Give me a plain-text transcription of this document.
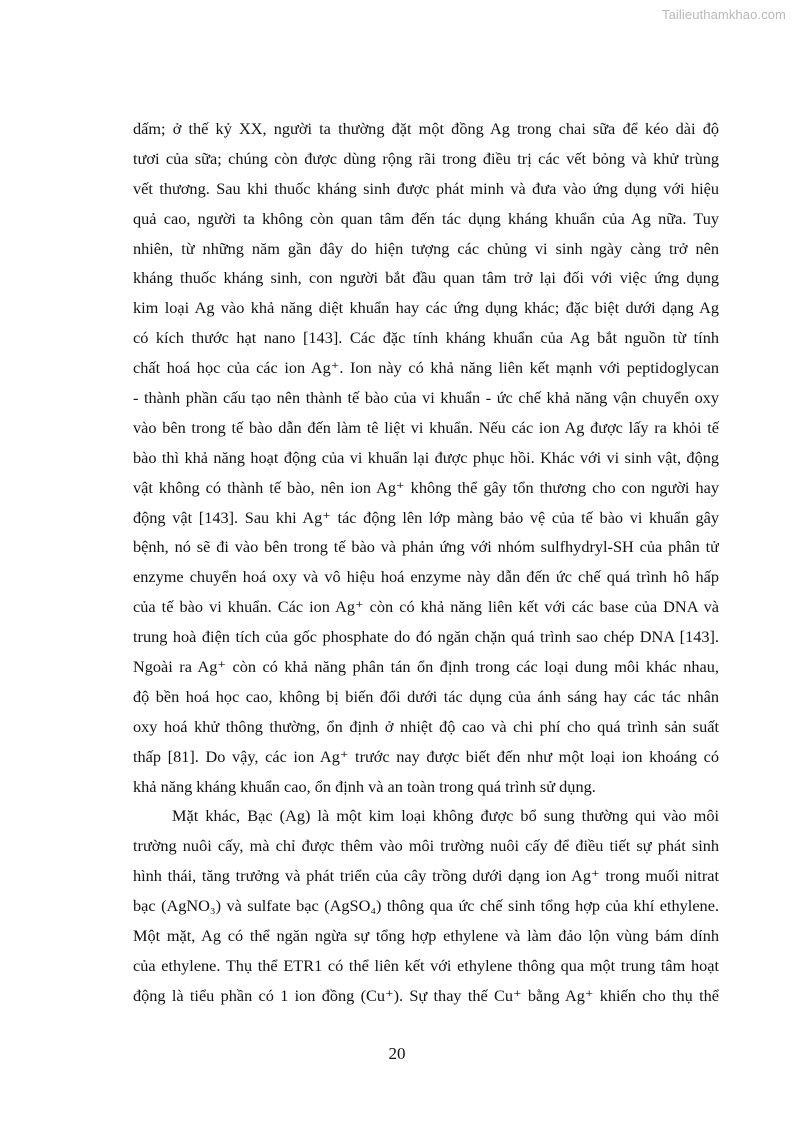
Tailieuthamkhao.com
dấm; ở thế kỷ XX, người ta thường đặt một đồng Ag trong chai sữa để kéo dài độ
tươi của sữa; chúng còn được dùng rộng rãi trong điều trị các vết bỏng và khử trùng
vết thương. Sau khi thuốc kháng sinh được phát minh và đưa vào ứng dụng với hiệu
quả cao, người ta không còn quan tâm đến tác dụng kháng khuẩn của Ag nữa. Tuy
nhiên, từ những năm gần đây do hiện tượng các chủng vi sinh ngày càng trở nên
kháng thuốc kháng sinh, con người bắt đầu quan tâm trở lại đối với việc ứng dụng
kim loại Ag vào khả năng diệt khuẩn hay các ứng dụng khác; đặc biệt dưới dạng Ag
có kích thước hạt nano [143]. Các đặc tính kháng khuẩn của Ag bắt nguồn từ tính
chất hoá học của các ion Ag⁺. Ion này có khả năng liên kết mạnh với peptidoglycan
- thành phần cấu tạo nên thành tế bào của vi khuẩn - ức chế khả năng vận chuyển oxy
vào bên trong tế bào dẫn đến làm tê liệt vi khuẩn. Nếu các ion Ag được lấy ra khỏi tế
bào thì khả năng hoạt động của vi khuẩn lại được phục hồi. Khác với vi sinh vật, động
vật không có thành tế bào, nên ion Ag⁺ không thể gây tổn thương cho con người hay
động vật [143]. Sau khi Ag⁺ tác động lên lớp màng bảo vệ của tế bào vi khuẩn gây
bệnh, nó sẽ đi vào bên trong tế bào và phản ứng với nhóm sulfhydryl-SH của phân tử
enzyme chuyển hoá oxy và vô hiệu hoá enzyme này dẫn đến ức chế quá trình hô hấp
của tế bào vi khuẩn. Các ion Ag⁺ còn có khả năng liên kết với các base của DNA và
trung hoà điện tích của gốc phosphate do đó ngăn chặn quá trình sao chép DNA [143].
Ngoài ra Ag⁺ còn có khả năng phân tán ổn định trong các loại dung môi khác nhau,
độ bền hoá học cao, không bị biến đổi dưới tác dụng của ánh sáng hay các tác nhân
oxy hoá khử thông thường, ổn định ở nhiệt độ cao và chi phí cho quá trình sản suất
thấp [81]. Do vậy, các ion Ag⁺ trước nay được biết đến như một loại ion khoáng có
khả năng kháng khuẩn cao, ổn định và an toàn trong quá trình sử dụng.
Mặt khác, Bạc (Ag) là một kim loại không được bổ sung thường qui vào môi
trường nuôi cấy, mà chỉ được thêm vào môi trường nuôi cấy để điều tiết sự phát sinh
hình thái, tăng trưởng và phát triển của cây trồng dưới dạng ion Ag⁺ trong muối nitrat
bạc (AgNO₃) và sulfate bạc (AgSO₄) thông qua ức chế sinh tổng hợp của khí ethylene.
Một mặt, Ag có thể ngăn ngừa sự tổng hợp ethylene và làm đảo lộn vùng bám dính
của ethylene. Thụ thể ETR1 có thể liên kết với ethylene thông qua một trung tâm hoạt
động là tiểu phần có 1 ion đồng (Cu⁺). Sự thay thế Cu⁺ bằng Ag⁺ khiến cho thụ thể
20
